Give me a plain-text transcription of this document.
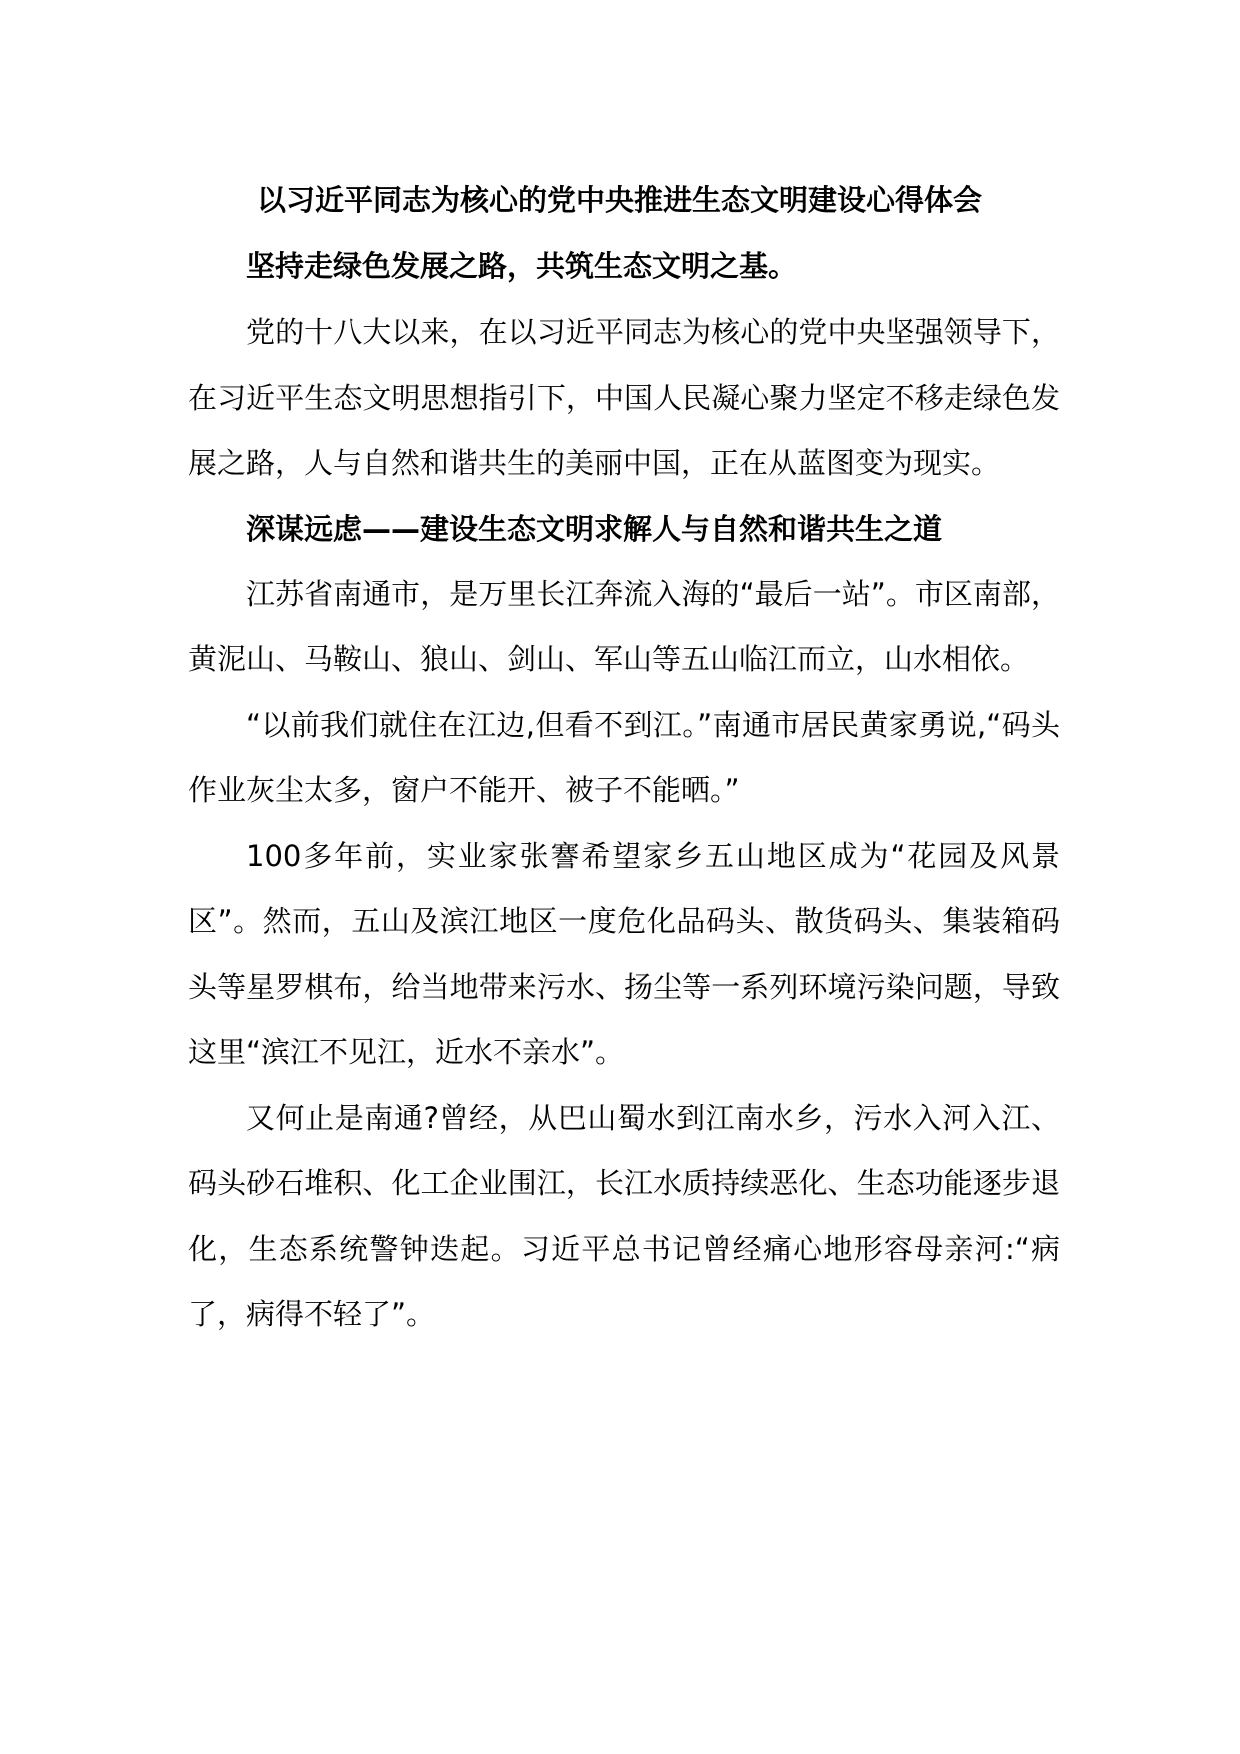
以习近平同志为核心的党中央推进生态文明建设心得体会

坚持走绿色发展之路，共筑生态文明之基。

党的十八大以来，在以习近平同志为核心的党中央坚强领导下，在习近平生态文明思想指引下，中国人民凝心聚力坚定不移走绿色发展之路，人与自然和谐共生的美丽中国，正在从蓝图变为现实。

深谋远虑——建设生态文明求解人与自然和谐共生之道

江苏省南通市，是万里长江奔流入海的“最后一站”。市区南部，黄泥山、马鞍山、狼山、剑山、军山等五山临江而立，山水相依。

“以前我们就住在江边,但看不到江。”南通市居民黄家勇说,“码头作业灰尘太多，窗户不能开、被子不能晒。”

100多年前，实业家张謇希望家乡五山地区成为“花园及风景区”。然而，五山及滨江地区一度危化品码头、散货码头、集装箱码头等星罗棋布，给当地带来污水、扬尘等一系列环境污染问题，导致这里“滨江不见江，近水不亲水”。

又何止是南通?曾经，从巴山蜀水到江南水乡，污水入河入江、码头砂石堆积、化工企业围江，长江水质持续恶化、生态功能逐步退化，生态系统警钟迭起。习近平总书记曾经痛心地形容母亲河:“病了，病得不轻了”。
